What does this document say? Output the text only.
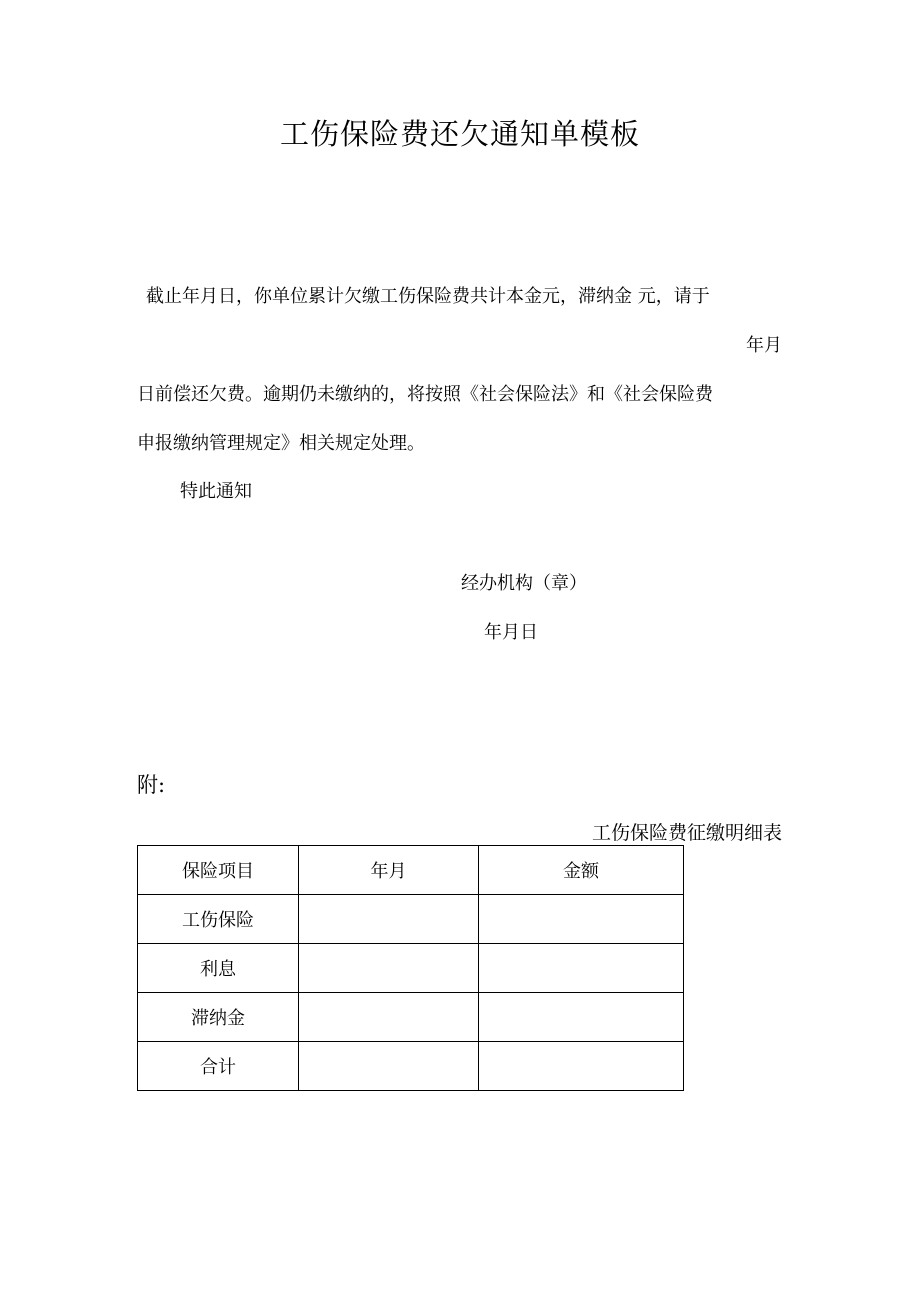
工伤保险费还欠通知单模板
截止年月日，你单位累计欠缴工伤保险费共计本金元，滞纳金 元，请于
年月
日前偿还欠费。逾期仍未缴纳的，将按照《社会保险法》和《社会保险费
申报缴纳管理规定》相关规定处理。
特此通知
经办机构（章）
年月日
附:
工伤保险费征缴明细表
保险项目	年月	金额
工伤保险		
利息		
滞纳金		
合计		
